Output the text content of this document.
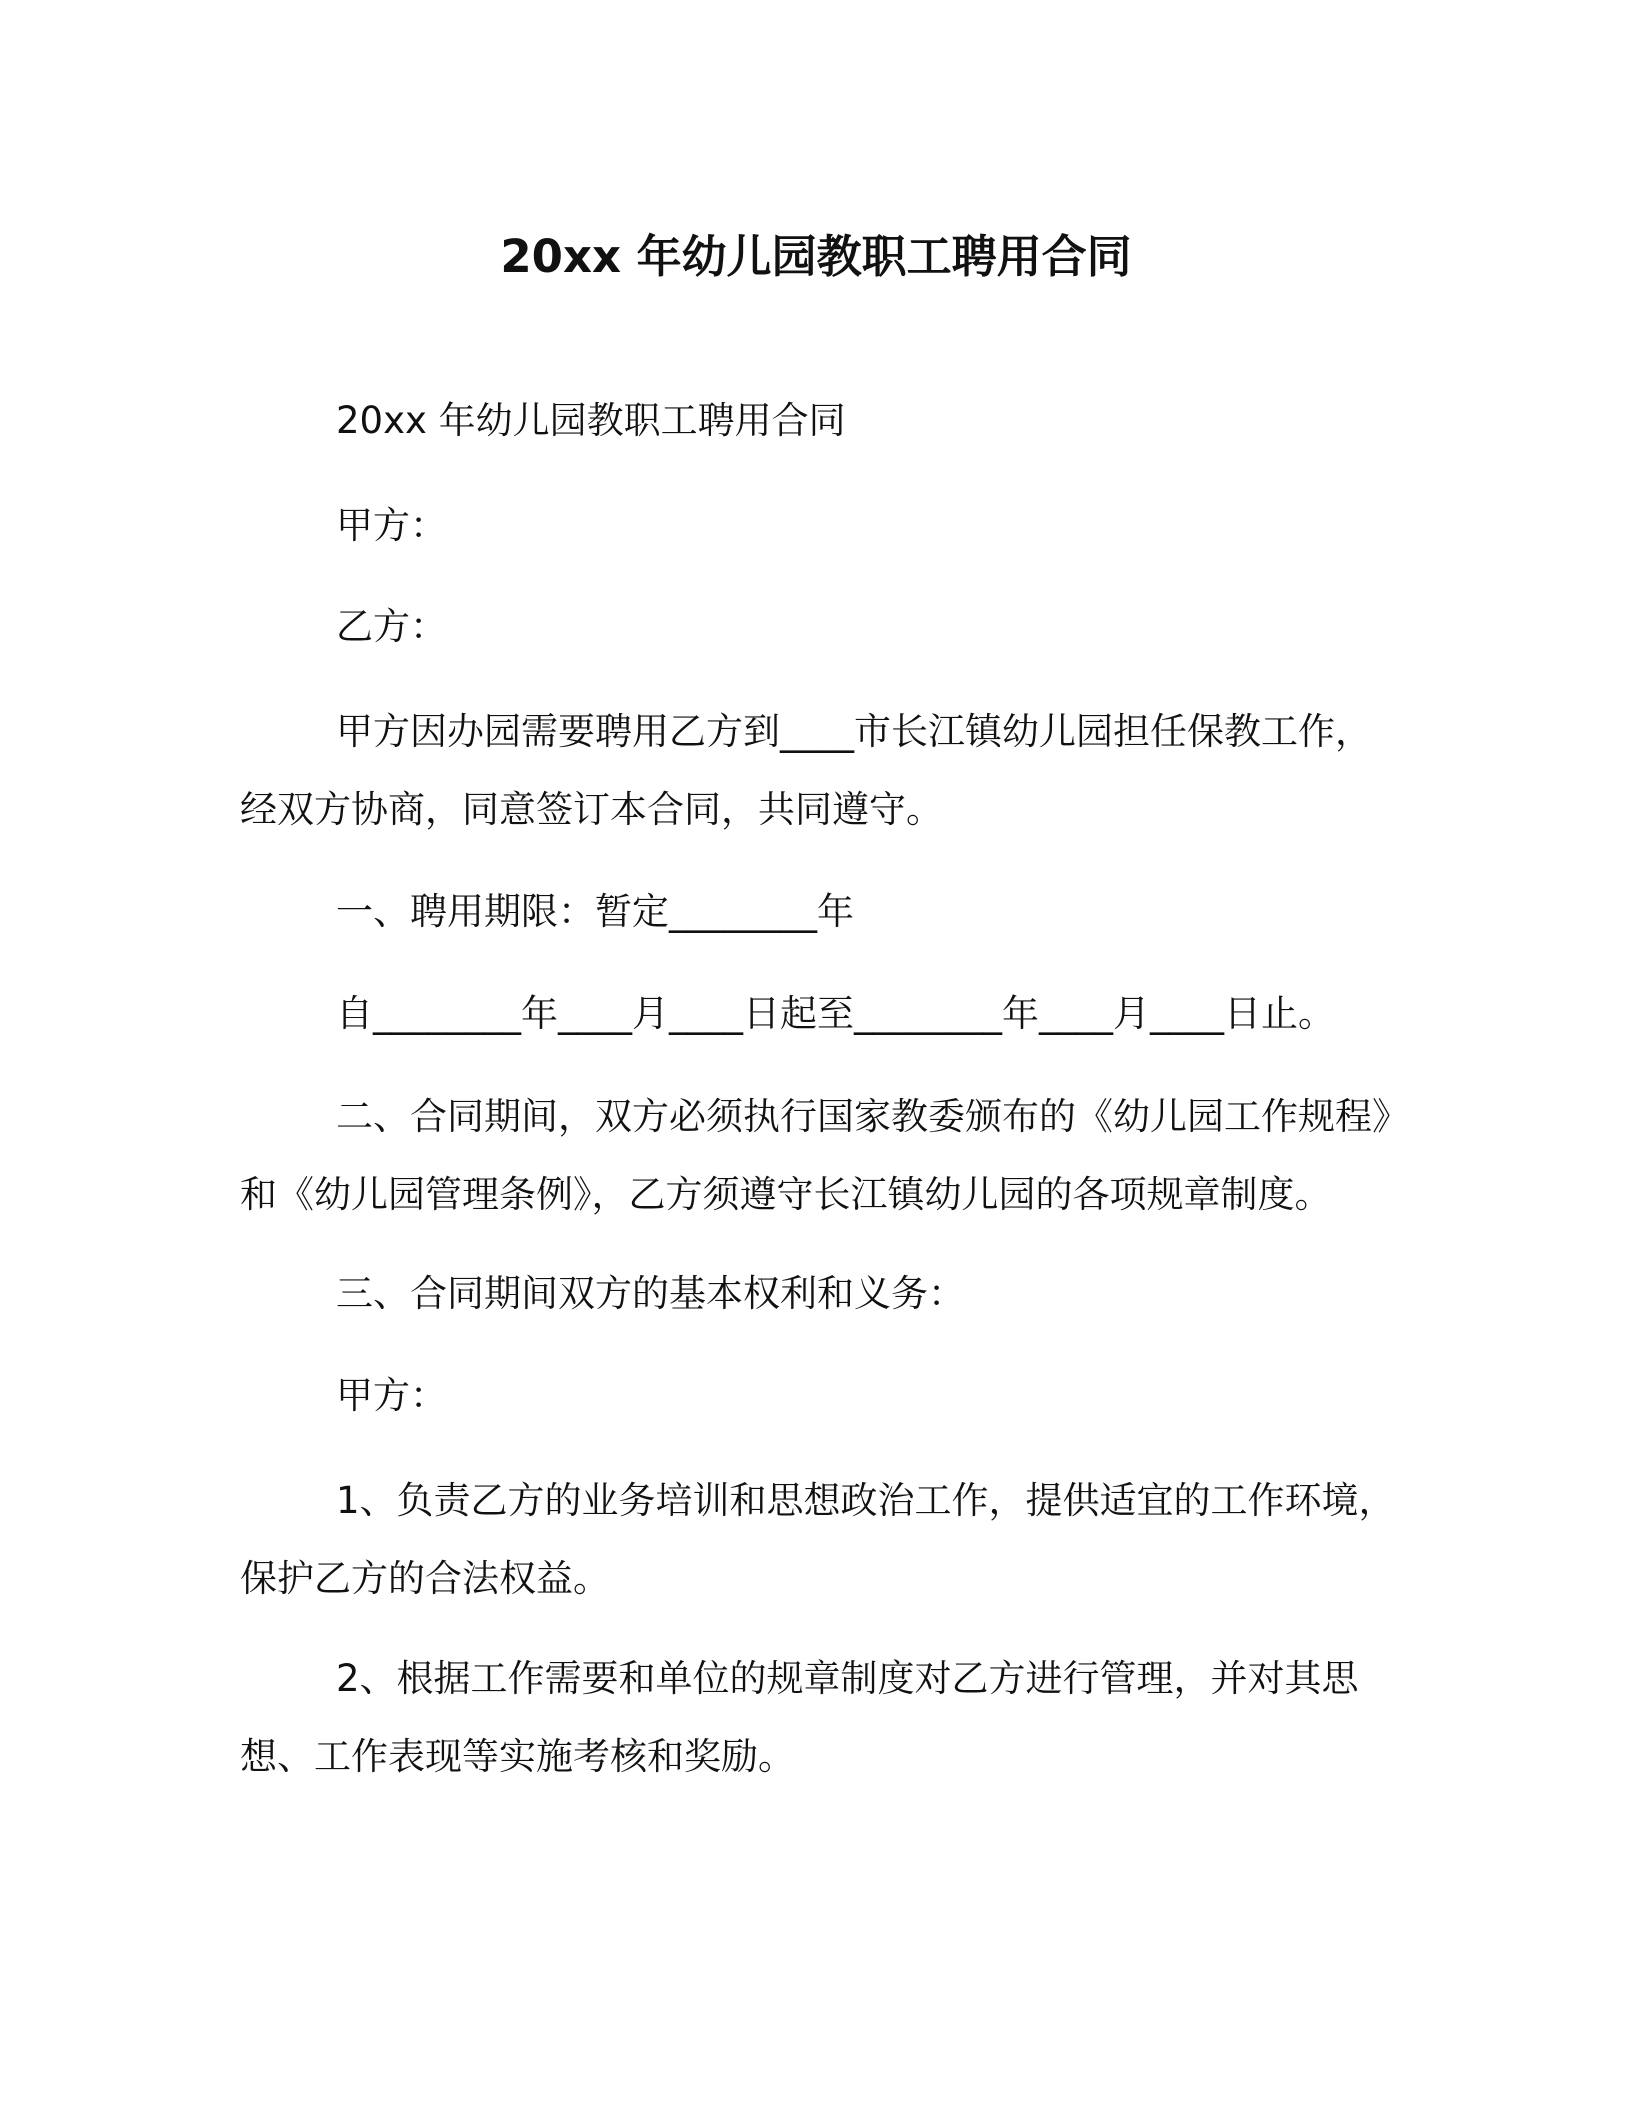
20xx 年幼儿园教职工聘用合同

20xx 年幼儿园教职工聘用合同

甲方：

乙方：

甲方因办园需要聘用乙方到____市长江镇幼儿园担任保教工作，经双方协商，同意签订本合同，共同遵守。

一、聘用期限：暂定________年

自________年____月____日起至________年____月____日止。

二、合同期间，双方必须执行国家教委颁布的《幼儿园工作规程》和《幼儿园管理条例》，乙方须遵守长江镇幼儿园的各项规章制度。

三、合同期间双方的基本权利和义务：

甲方：

1、负责乙方的业务培训和思想政治工作，提供适宜的工作环境，保护乙方的合法权益。

2、根据工作需要和单位的规章制度对乙方进行管理，并对其思想、工作表现等实施考核和奖励。
